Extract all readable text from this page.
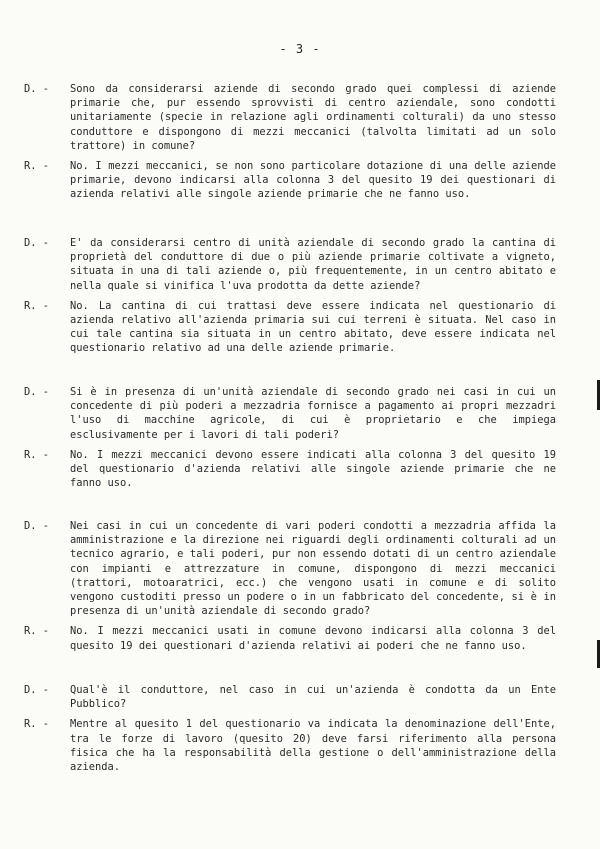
- 3 -
D. -	Sono da considerarsi aziende di secondo grado quei complessi di aziende primarie che, pur essendo sprovvisti di centro aziendale, sono condotti unitariamente (specie in relazione agli ordinamenti colturali) da uno stesso conduttore e dispongono di mezzi meccanici (talvolta limitati ad un solo trattore) in comune?
R. -	No. I mezzi meccanici, se non sono particolare dotazione di una delle aziende primarie, devono indicarsi alla colonna 3 del quesito 19 dei questionari di azienda relativi alle singole aziende primarie che ne fanno uso.
D. -	E' da considerarsi centro di unità aziendale di secondo grado la cantina di proprietà del conduttore di due o più aziende primarie coltivate a vigneto, situata in una di tali aziende o, più frequentemente, in un centro abitato e nella quale si vinifica l'uva prodotta da dette aziende?
R. -	No. La cantina di cui trattasi deve essere indicata nel questionario di azienda relativo all'azienda primaria sui cui terreni è situata. Nel caso in cui tale cantina sia situata in un centro abitato, deve essere indicata nel questionario relativo ad una delle aziende primarie.
D. -	Si è in presenza di un'unità aziendale di secondo grado nei casi in cui un concedente di più poderi a mezzadria fornisce a pagamento ai propri mezzadri l'uso di macchine agricole, di cui è proprietario e che impiega esclusivamente per i lavori di tali poderi?
R. -	No. I mezzi meccanici devono essere indicati alla colonna 3 del quesito 19 del questionario d'azienda relativi alle singole aziende primarie che ne fanno uso.
D. -	Nei casi in cui un concedente di vari poderi condotti a mezzadria affida la amministrazione e la direzione nei riguardi degli ordinamenti colturali ad un tecnico agrario, e tali poderi, pur non essendo dotati di un centro aziendale con impianti e attrezzature in comune, dispongono di mezzi meccanici (trattori, motoaratrici, ecc.) che vengono usati in comune e di solito vengono custoditi presso un podere o in un fabbricato del concedente, si è in presenza di un'unità aziendale di secondo grado?
R. -	No. I mezzi meccanici usati in comune devono indicarsi alla colonna 3 del quesito 19 dei questionari d'azienda relativi ai poderi che ne fanno uso.
D. -	Qual'è il conduttore, nel caso in cui un'azienda è condotta da un Ente Pubblico?
R. -	Mentre al quesito 1 del questionario va indicata la denominazione dell'Ente, tra le forze di lavoro (quesito 20) deve farsi riferimento alla persona fisica che ha la responsabilità della gestione o dell'amministrazione della azienda.
